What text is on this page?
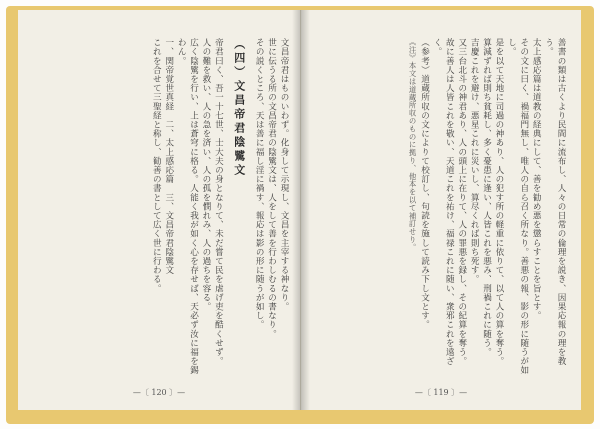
文昌帝君はものいわず。化身して示現し、文昌を主宰する神なり。

世に伝うる所の文昌帝君の陰騭文は、人をして善を行わしむるの書なり。

その説くところ、天は善に福し淫に禍す、報応は影の形に随うが如し。

（四）文昌帝君陰騭文

帝君曰く、吾一十七世、士大夫の身となりて、未だ嘗て民を虐げ吏を酷くせず。

人の難を救い、人の急を済い、人の孤を憫れみ、人の過ちを容る。

広く陰騭を行い、上は蒼穹に格る。人能く我が如く心を存せば、天必ず汝に福を錫わん。

一、関帝覚世真経　二、太上感応篇　三、文昌帝君陰騭文

これを合せて三聖経と称し、勧善の書として広く世に行わる。

—〔 120 〕—

善書の類は古くより民間に流布し、人々の日常の倫理を説き、因果応報の理を教う。

太上感応篇は道教の経典にして、善を勧め悪を懲らすことを旨とす。

その文に曰く、禍福門無し、唯人の自ら召く所なり。善悪の報、影の形に随うが如し。

是を以て天地に司過の神あり、人の犯す所の軽重に依りて、以て人の算を奪う。

算減ずれば則ち貧耗し、多く憂患に逢い、人皆これを悪み、刑禍これに随う。

吉慶これを避け、悪星これに災いし、算尽くれば則ち死す。

又三台北斗の神君あり、人の頭上に在りて、人の罪悪を録し、その紀算を奪う。

故に善人は人皆これを敬い、天道これを祐け、福禄これに随い、衆邪これを遠ざく。

（参考）道蔵所収の文によりて校訂し、句読を施して読み下し文とす。

《注》本文は道蔵所収のものに拠り、他本を以て補訂せり。

—〔 119 〕—
